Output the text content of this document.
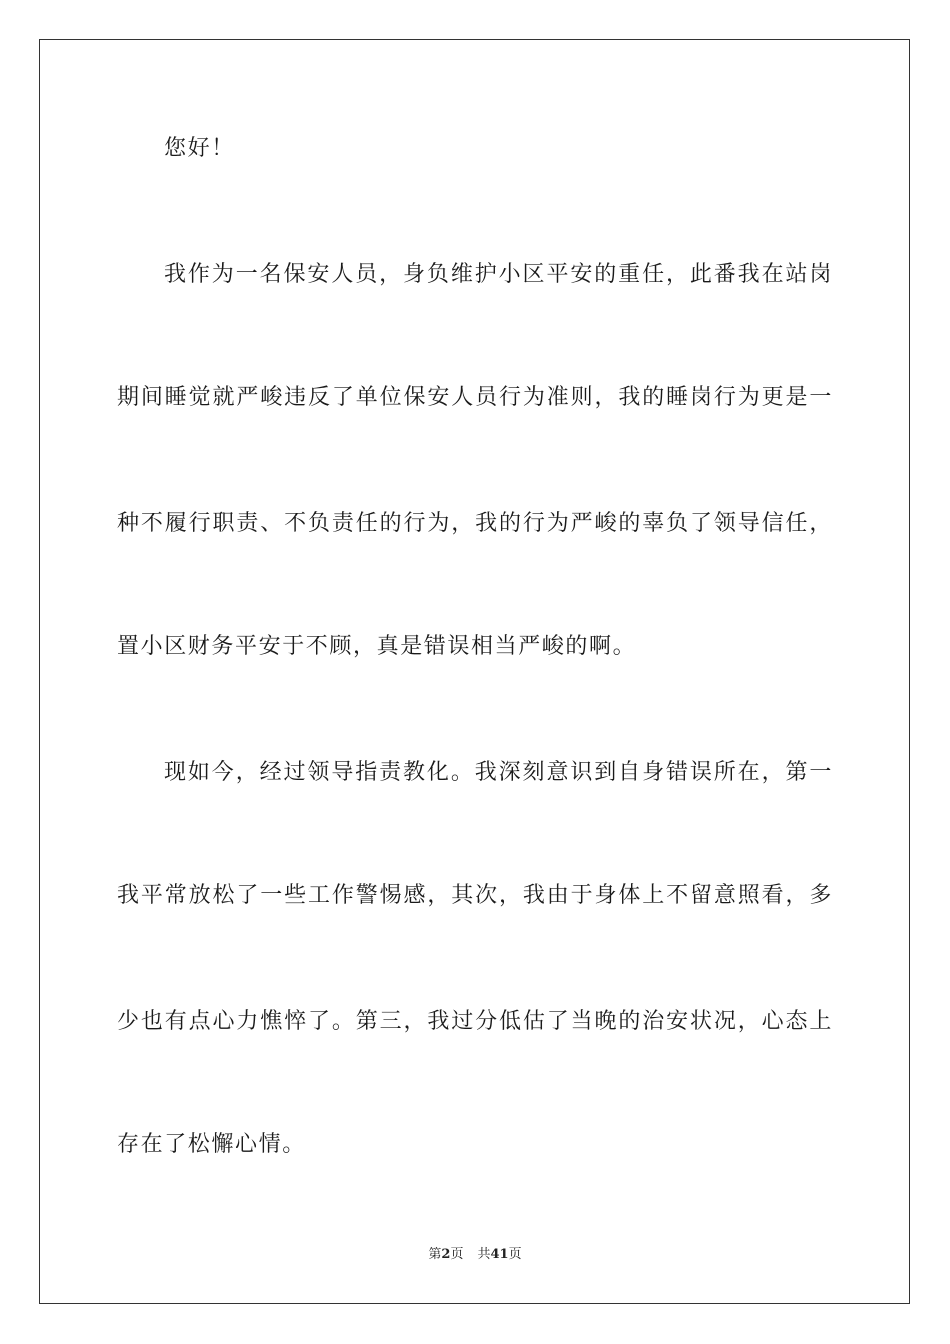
您好！
我作为一名保安人员，身负维护小区平安的重任，此番我在站岗
期间睡觉就严峻违反了单位保安人员行为准则，我的睡岗行为更是一
种不履行职责、不负责任的行为，我的行为严峻的辜负了领导信任，
置小区财务平安于不顾，真是错误相当严峻的啊。
现如今，经过领导指责教化。我深刻意识到自身错误所在，第一
我平常放松了一些工作警惕感，其次，我由于身体上不留意照看，多
少也有点心力憔悴了。第三，我过分低估了当晚的治安状况，心态上
存在了松懈心情。
第2页 共41页
